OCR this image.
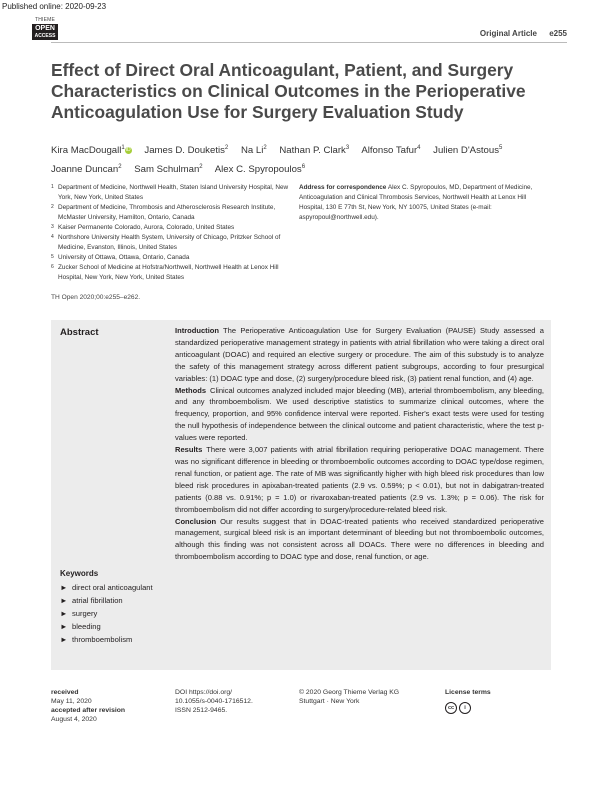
Published online: 2020-09-23
THIEME
OPEN
ACCESS	Original Article e255
Effect of Direct Oral Anticoagulant, Patient, and Surgery Characteristics on Clinical Outcomes in the Perioperative Anticoagulation Use for Surgery Evaluation Study
Kira MacDougall$^1$iD James D. Douketis$^2$ Na Li$^2$ Nathan P. Clark$^3$ Alfonso Tafur$^4$ Julien D'Astous$^5$
Joanne Duncan$^2$ Sam Schulman$^2$ Alex C. Spyropoulos$^6$
1 Department of Medicine, Northwell Health, Staten Island University Hospital, New York, New York, United States
2 Department of Medicine, Thrombosis and Atherosclerosis Research Institute, McMaster University, Hamilton, Ontario, Canada
3 Kaiser Permanente Colorado, Aurora, Colorado, United States
4 Northshore University Health System, University of Chicago, Pritzker School of Medicine, Evanston, Illinois, United States
5 University of Ottawa, Ottawa, Ontario, Canada
6 Zucker School of Medicine at Hofstra/Northwell, Northwell Health at Lenox Hill Hospital, New York, New York, United States
Address for correspondence Alex C. Spyropoulos, MD, Department of Medicine, Anticoagulation and Clinical Thrombosis Services, Northwell Health at Lenox Hill Hospital, 130 E 77th St, New York, NY 10075, United States (e-mail: aspyropoul@northwell.edu).
TH Open 2020;00:e255–e262.
Abstract	Introduction The Perioperative Anticoagulation Use for Surgery Evaluation (PAUSE) Study assessed a standardized perioperative management strategy in patients with atrial fibrillation who were taking a direct oral anticoagulant (DOAC) and required an elective surgery or procedure. The aim of this substudy is to analyze the safety of this management strategy across different patient subgroups, according to four presurgical variables: (1) DOAC type and dose, (2) surgery/procedure bleed risk, (3) patient renal function, and (4) age.

Methods Clinical outcomes analyzed included major bleeding (MB), arterial thromboembolism, any bleeding, and any thromboembolism. We used descriptive statistics to summarize clinical outcomes, where the frequency, proportion, and 95% confidence interval were reported. Fisher's exact tests were used for testing the null hypothesis of independence between the clinical outcome and patient characteristic, where the test p-values were reported.

Results There were 3,007 patients with atrial fibrillation requiring perioperative DOAC management. There was no significant difference in bleeding or thromboembolic outcomes according to DOAC type/dose regimen, renal function, or patient age. The rate of MB was significantly higher with high bleed risk procedures than low bleed risk procedures in apixaban-treated patients (2.9 vs. 0.59%; p < 0.01), but not in dabigatran-treated patients (0.88 vs. 0.91%; p = 1.0) or rivaroxaban-treated patients (2.9 vs. 1.3%; p = 0.06). The risk for thromboembolism did not differ according to surgery/procedure-related bleed risk.

Conclusion Our results suggest that in DOAC-treated patients who received standardized perioperative management, surgical bleed risk is an important determinant of bleeding but not thromboembolic outcomes, although this finding was not consistent across all DOACs. There were no differences in bleeding and thromboembolism according to DOAC type and dose, renal function, or age.

Keywords
► direct oral anticoagulant
► atrial fibrillation
► surgery
► bleeding
► thromboembolism
received
May 11, 2020
accepted after revision
August 4, 2020
DOI https://doi.org/
10.1055/s-0040-1716512.
ISSN 2512-9465.
© 2020 Georg Thieme Verlag KG
Stuttgart · New York
License terms
cc i
